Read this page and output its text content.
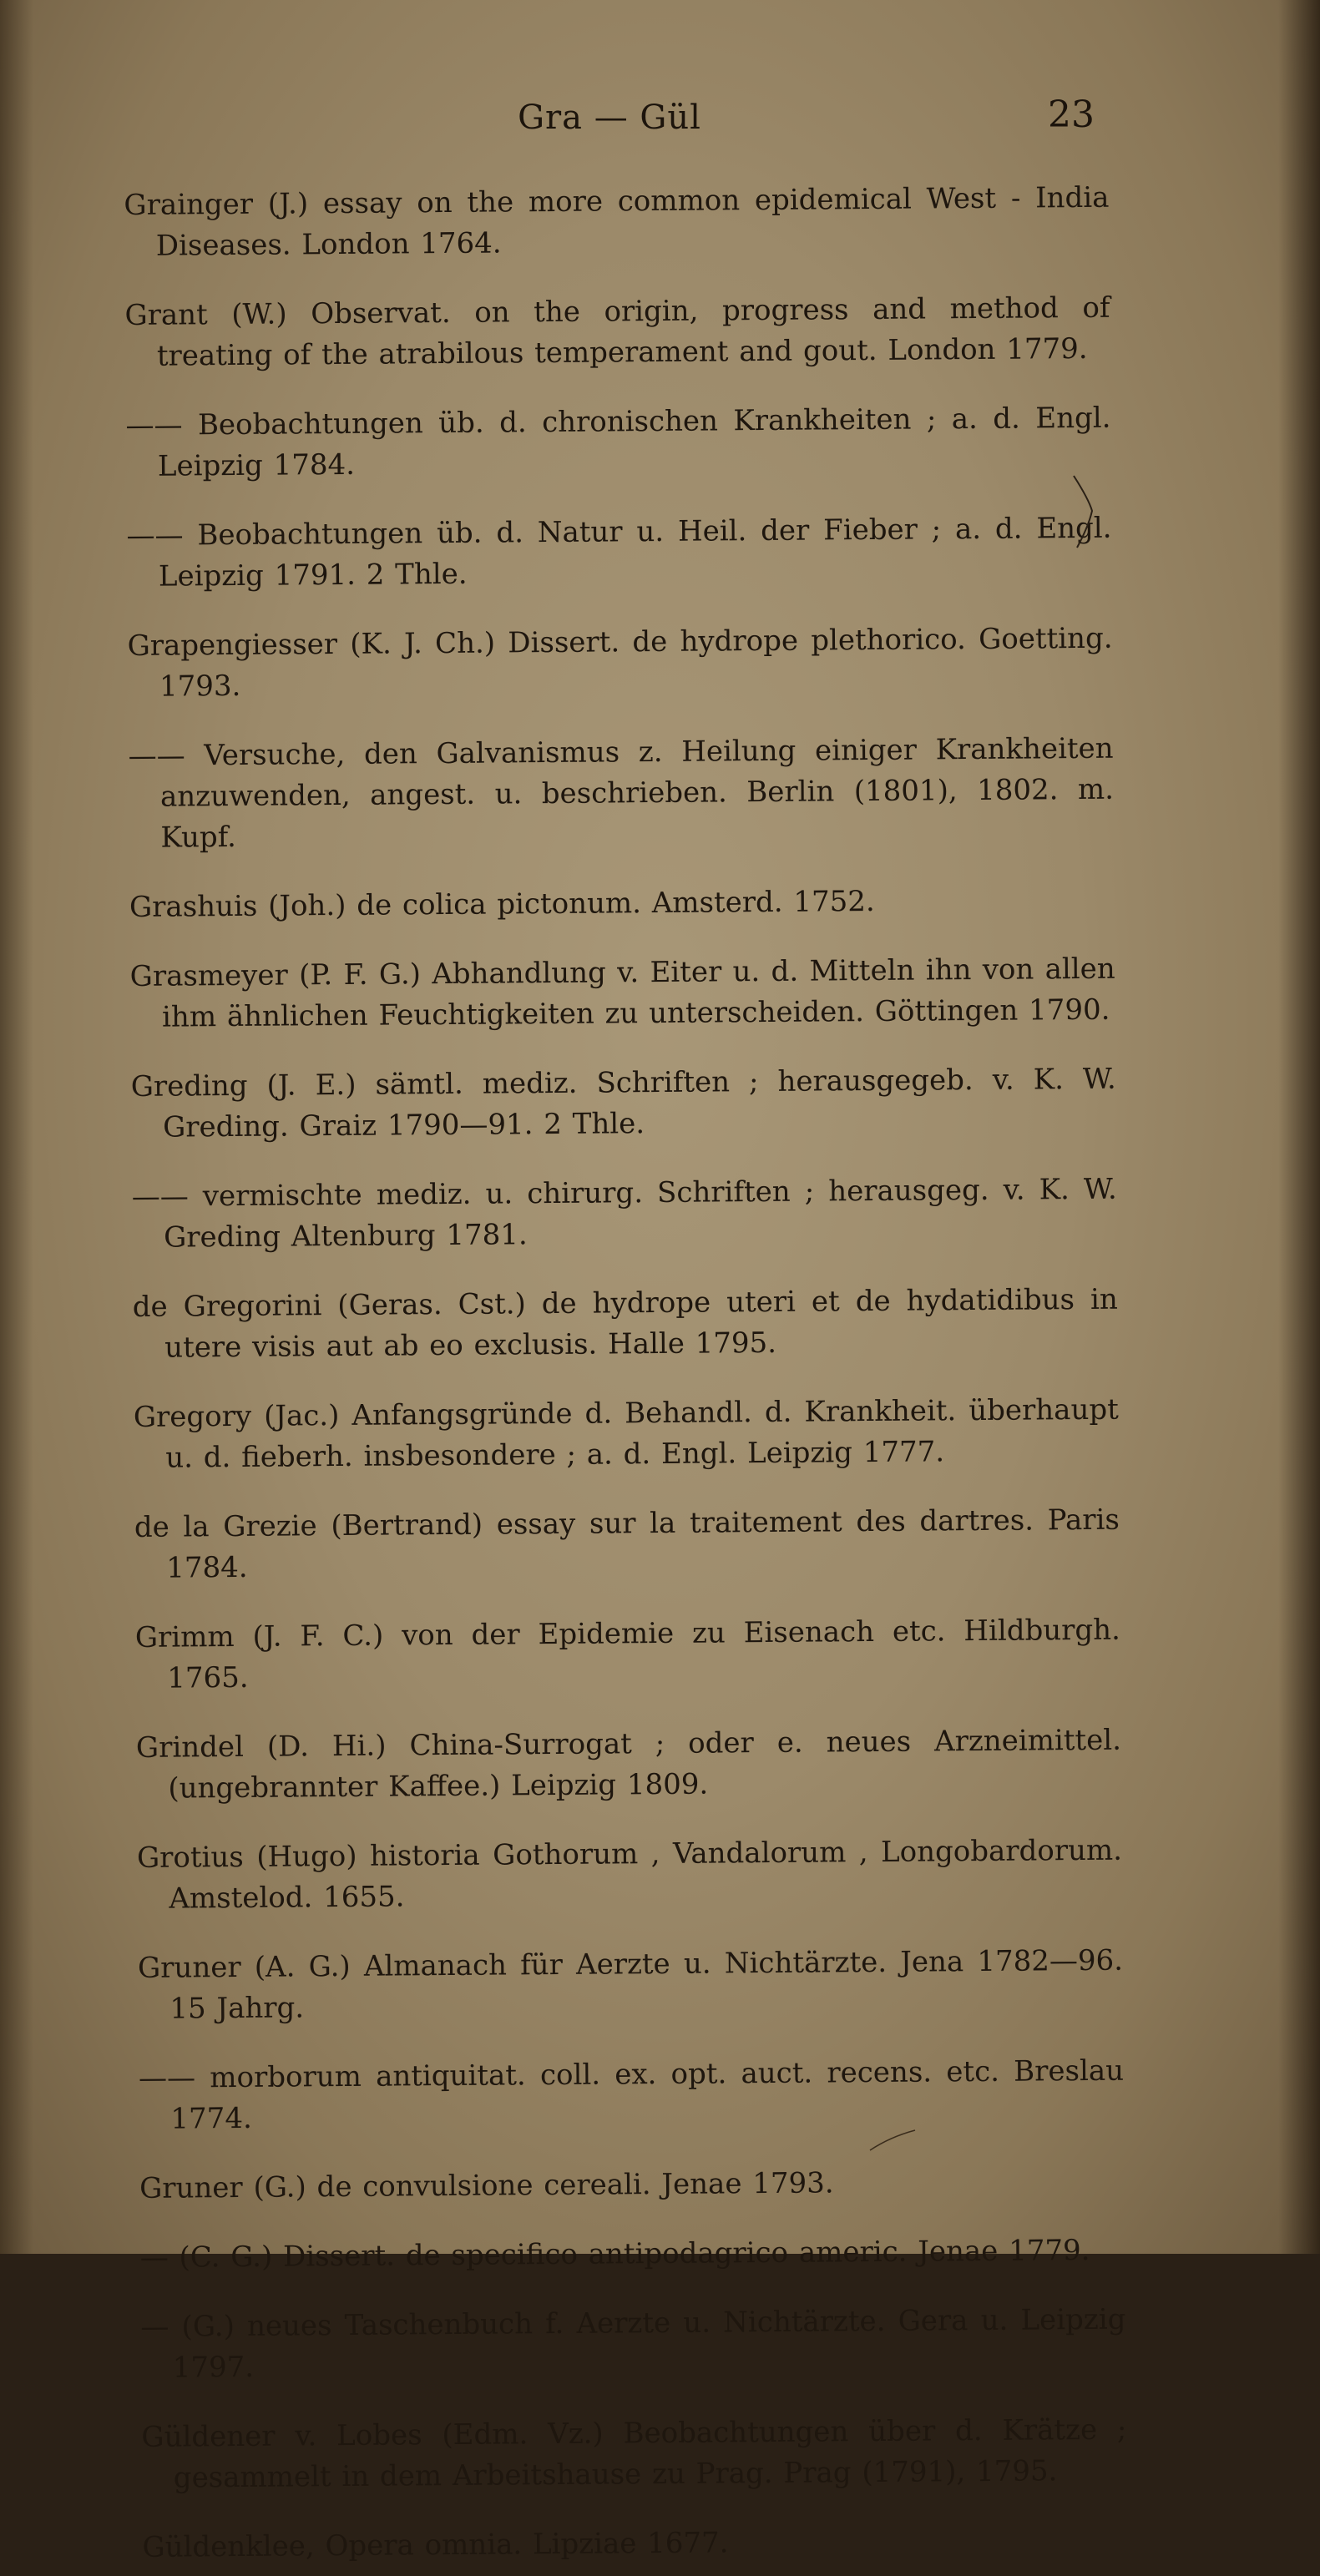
Gra — Gül	23

Grainger (J.) essay on the more common epidemical West - India Diseases. London 1764.

Grant (W.) Observat. on the origin, progress and method of treating of the atrabilous temperament and gout. London 1779.

—— Beobachtungen üb. d. chronischen Krankheiten ; a. d. Engl. Leipzig 1784.

—— Beobachtungen üb. d. Natur u. Heil. der Fieber ; a. d. Engl. Leipzig 1791. 2 Thle.

Grapengiesser (K. J. Ch.) Dissert. de hydrope plethorico. Goetting. 1793.

—— Versuche, den Galvanismus z. Heilung einiger Krankheiten anzuwenden, angest. u. beschrieben. Berlin (1801), 1802. m. Kupf.

Grashuis (Joh.) de colica pictonum. Amsterd. 1752.

Grasmeyer (P. F. G.) Abhandlung v. Eiter u. d. Mitteln ihn von allen ihm ähnlichen Feuchtigkeiten zu unterscheiden. Göttingen 1790.

Greding (J. E.) sämtl. mediz. Schriften ; herausgegeb. v. K. W. Greding. Graiz 1790—91. 2 Thle.

—— vermischte mediz. u. chirurg. Schriften ; herausgeg. v. K. W. Greding Altenburg 1781.

de Gregorini (Geras. Cst.) de hydrope uteri et de hydatidibus in utere visis aut ab eo exclusis. Halle 1795.

Gregory (Jac.) Anfangsgründe d. Behandl. d. Krankheit. überhaupt u. d. fieberh. insbesondere ; a. d. Engl. Leipzig 1777.

de la Grezie (Bertrand) essay sur la traitement des dartres. Paris 1784.

Grimm (J. F. C.) von der Epidemie zu Eisenach etc. Hildburgh. 1765.

Grindel (D. Hi.) China-Surrogat ; oder e. neues Arzneimittel. (ungebrannter Kaffee.) Leipzig 1809.

Grotius (Hugo) historia Gothorum , Vandalorum , Longobardorum. Amstelod. 1655.

Gruner (A. G.) Almanach für Aerzte u. Nichtärzte. Jena 1782—96. 15 Jahrg.

—— morborum antiquitat. coll. ex. opt. auct. recens. etc. Breslau 1774.

Gruner (G.) de convulsione cereali. Jenae 1793.

— (C. G.) Dissert. de specifico antipodagrico americ. Jenae 1779.

— (G.) neues Taschenbuch f. Aerzte u. Nichtärzte. Gera u. Leipzig 1797.

Güldener v. Lobes (Edm. Vz.) Beobachtungen über d. Krätze ; gesammelt in dem Arbeitshause zu Prag. Prag (1791), 1795.

Güldenklee, Opera omnia. Lipziae 1677.
